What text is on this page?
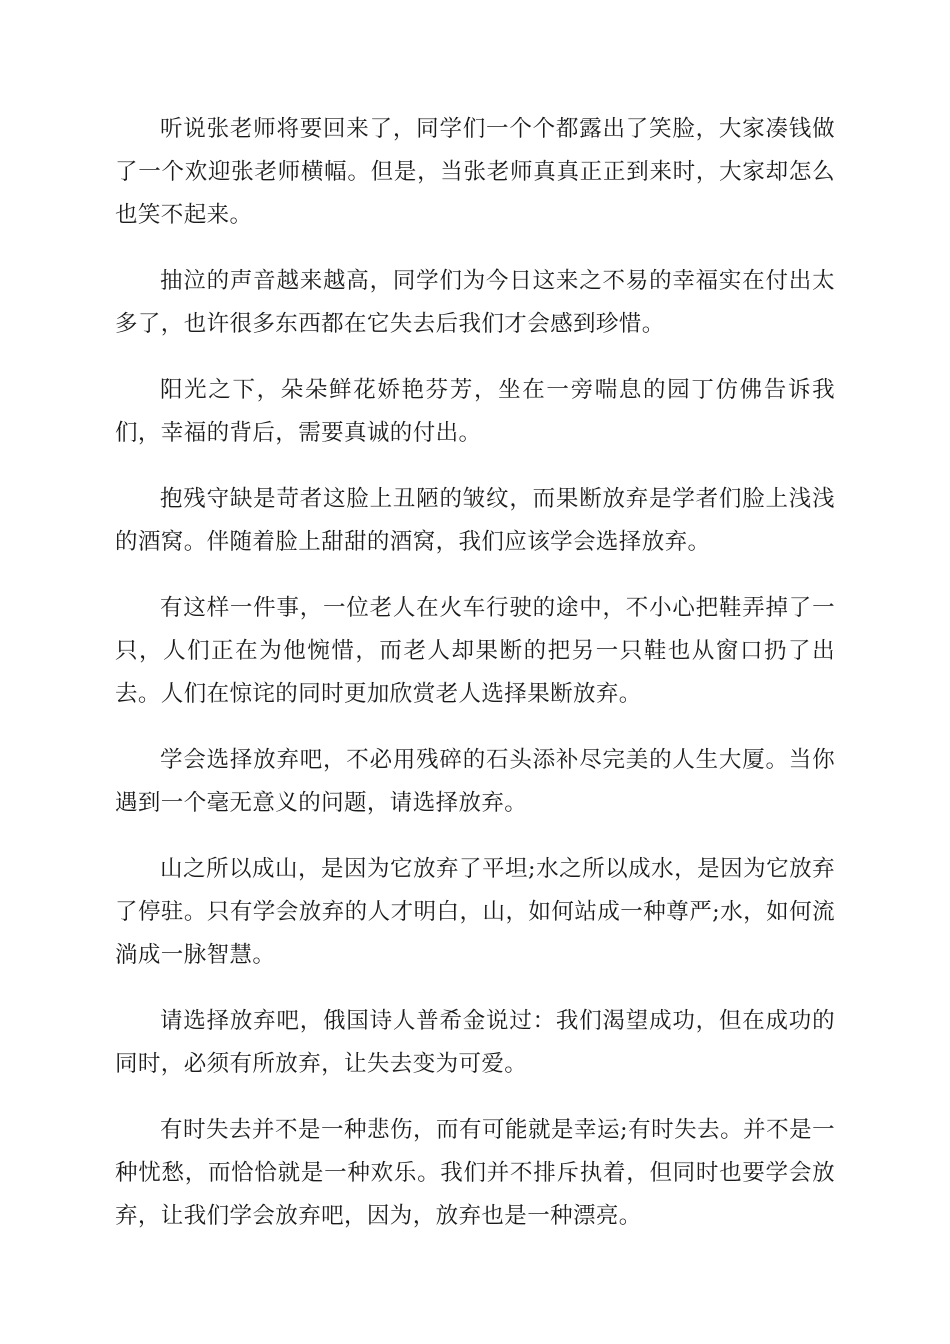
听说张老师将要回来了，同学们一个个都露出了笑脸，大家凑钱做了一个欢迎张老师横幅。但是，当张老师真真正正到来时，大家却怎么也笑不起来。

抽泣的声音越来越高，同学们为今日这来之不易的幸福实在付出太多了，也许很多东西都在它失去后我们才会感到珍惜。

阳光之下，朵朵鲜花娇艳芬芳，坐在一旁喘息的园丁仿佛告诉我们，幸福的背后，需要真诚的付出。

抱残守缺是苛者这脸上丑陋的皱纹，而果断放弃是学者们脸上浅浅的酒窝。伴随着脸上甜甜的酒窝，我们应该学会选择放弃。

有这样一件事，一位老人在火车行驶的途中，不小心把鞋弄掉了一只，人们正在为他惋惜，而老人却果断的把另一只鞋也从窗口扔了出去。人们在惊诧的同时更加欣赏老人选择果断放弃。

学会选择放弃吧，不必用残碎的石头添补尽完美的人生大厦。当你遇到一个毫无意义的问题，请选择放弃。

山之所以成山，是因为它放弃了平坦;水之所以成水，是因为它放弃了停驻。只有学会放弃的人才明白，山，如何站成一种尊严;水，如何流淌成一脉智慧。

请选择放弃吧，俄国诗人普希金说过：我们渴望成功，但在成功的同时，必须有所放弃，让失去变为可爱。

有时失去并不是一种悲伤，而有可能就是幸运;有时失去。并不是一种忧愁，而恰恰就是一种欢乐。我们并不排斥执着，但同时也要学会放弃，让我们学会放弃吧，因为，放弃也是一种漂亮。
